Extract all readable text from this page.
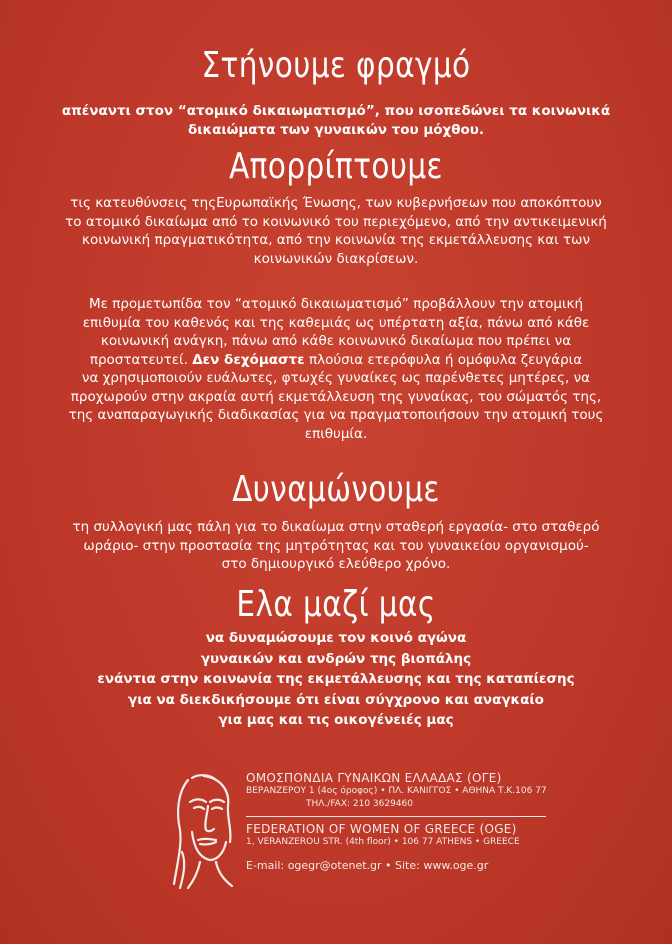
Στήνουμε φραγμό

απέναντι στον “ατομικό δικαιωματισμό”, που ισοπεδώνει τα κοινωνικά
δικαιώματα των γυναικών του μόχθου.

Απορρίπτουμε

τις κατευθύνσεις τηςΕυρωπαϊκής Ένωσης, των κυβερνήσεων που αποκόπτουν
το ατομικό δικαίωμα από το κοινωνικό του περιεχόμενο, από την αντικειμενική
κοινωνική πραγματικότητα, από την κοινωνία της εκμετάλλευσης και των
κοινωνικών διακρίσεων.

Με προμετωπίδα τον “ατομικό δικαιωματισμό” προβάλλουν την ατομική
επιθυμία του καθενός και της καθεμιάς ως υπέρτατη αξία, πάνω από κάθε
κοινωνική ανάγκη, πάνω από κάθε κοινωνικό δικαίωμα που πρέπει να
προστατευτεί. Δεν δεχόμαστε πλούσια ετερόφυλα ή ομόφυλα ζευγάρια
να χρησιμοποιούν ευάλωτες, φτωχές γυναίκες ως παρένθετες μητέρες, να
προχωρούν στην ακραία αυτή εκμετάλλευση της γυναίκας, του σώματός της,
της αναπαραγωγικής διαδικασίας για να πραγματοποιήσουν την ατομική τους
επιθυμία.

Δυναμώνουμε

τη συλλογική μας πάλη για το δικαίωμα στην σταθερή εργασία- στο σταθερό
ωράριο- στην προστασία της μητρότητας και του γυναικείου οργανισμού-
στο δημιουργικό ελεύθερο χρόνο.

Ελα μαζί μας

να δυναμώσουμε τον κοινό αγώνα
γυναικών και ανδρών της βιοπάλης
ενάντια στην κοινωνία της εκμετάλλευσης και της καταπίεσης
για να διεκδικήσουμε ότι είναι σύγχρονο και αναγκαίο
για μας και τις οικογένειές μας

ΟΜΟΣΠΟΝΔΙΑ ΓΥΝΑΙΚΩΝ ΕΛΛΑΔΑΣ (ΟΓΕ)
ΒΕΡΑΝΖΕΡΟΥ 1 (4ος όροφος) • ΠΛ. ΚΑΝΙΓΓΟΣ • ΑΘΗΝΑ Τ.Κ.106 77
ΤΗΛ./FAX: 210 3629460
FEDERATION OF WOMEN OF GREECE (OGE)
1, VERANZEROU STR. (4th floor) • 106 77 ATHENS • GREECE
E-mail: ogegr@otenet.gr • Site: www.oge.gr
